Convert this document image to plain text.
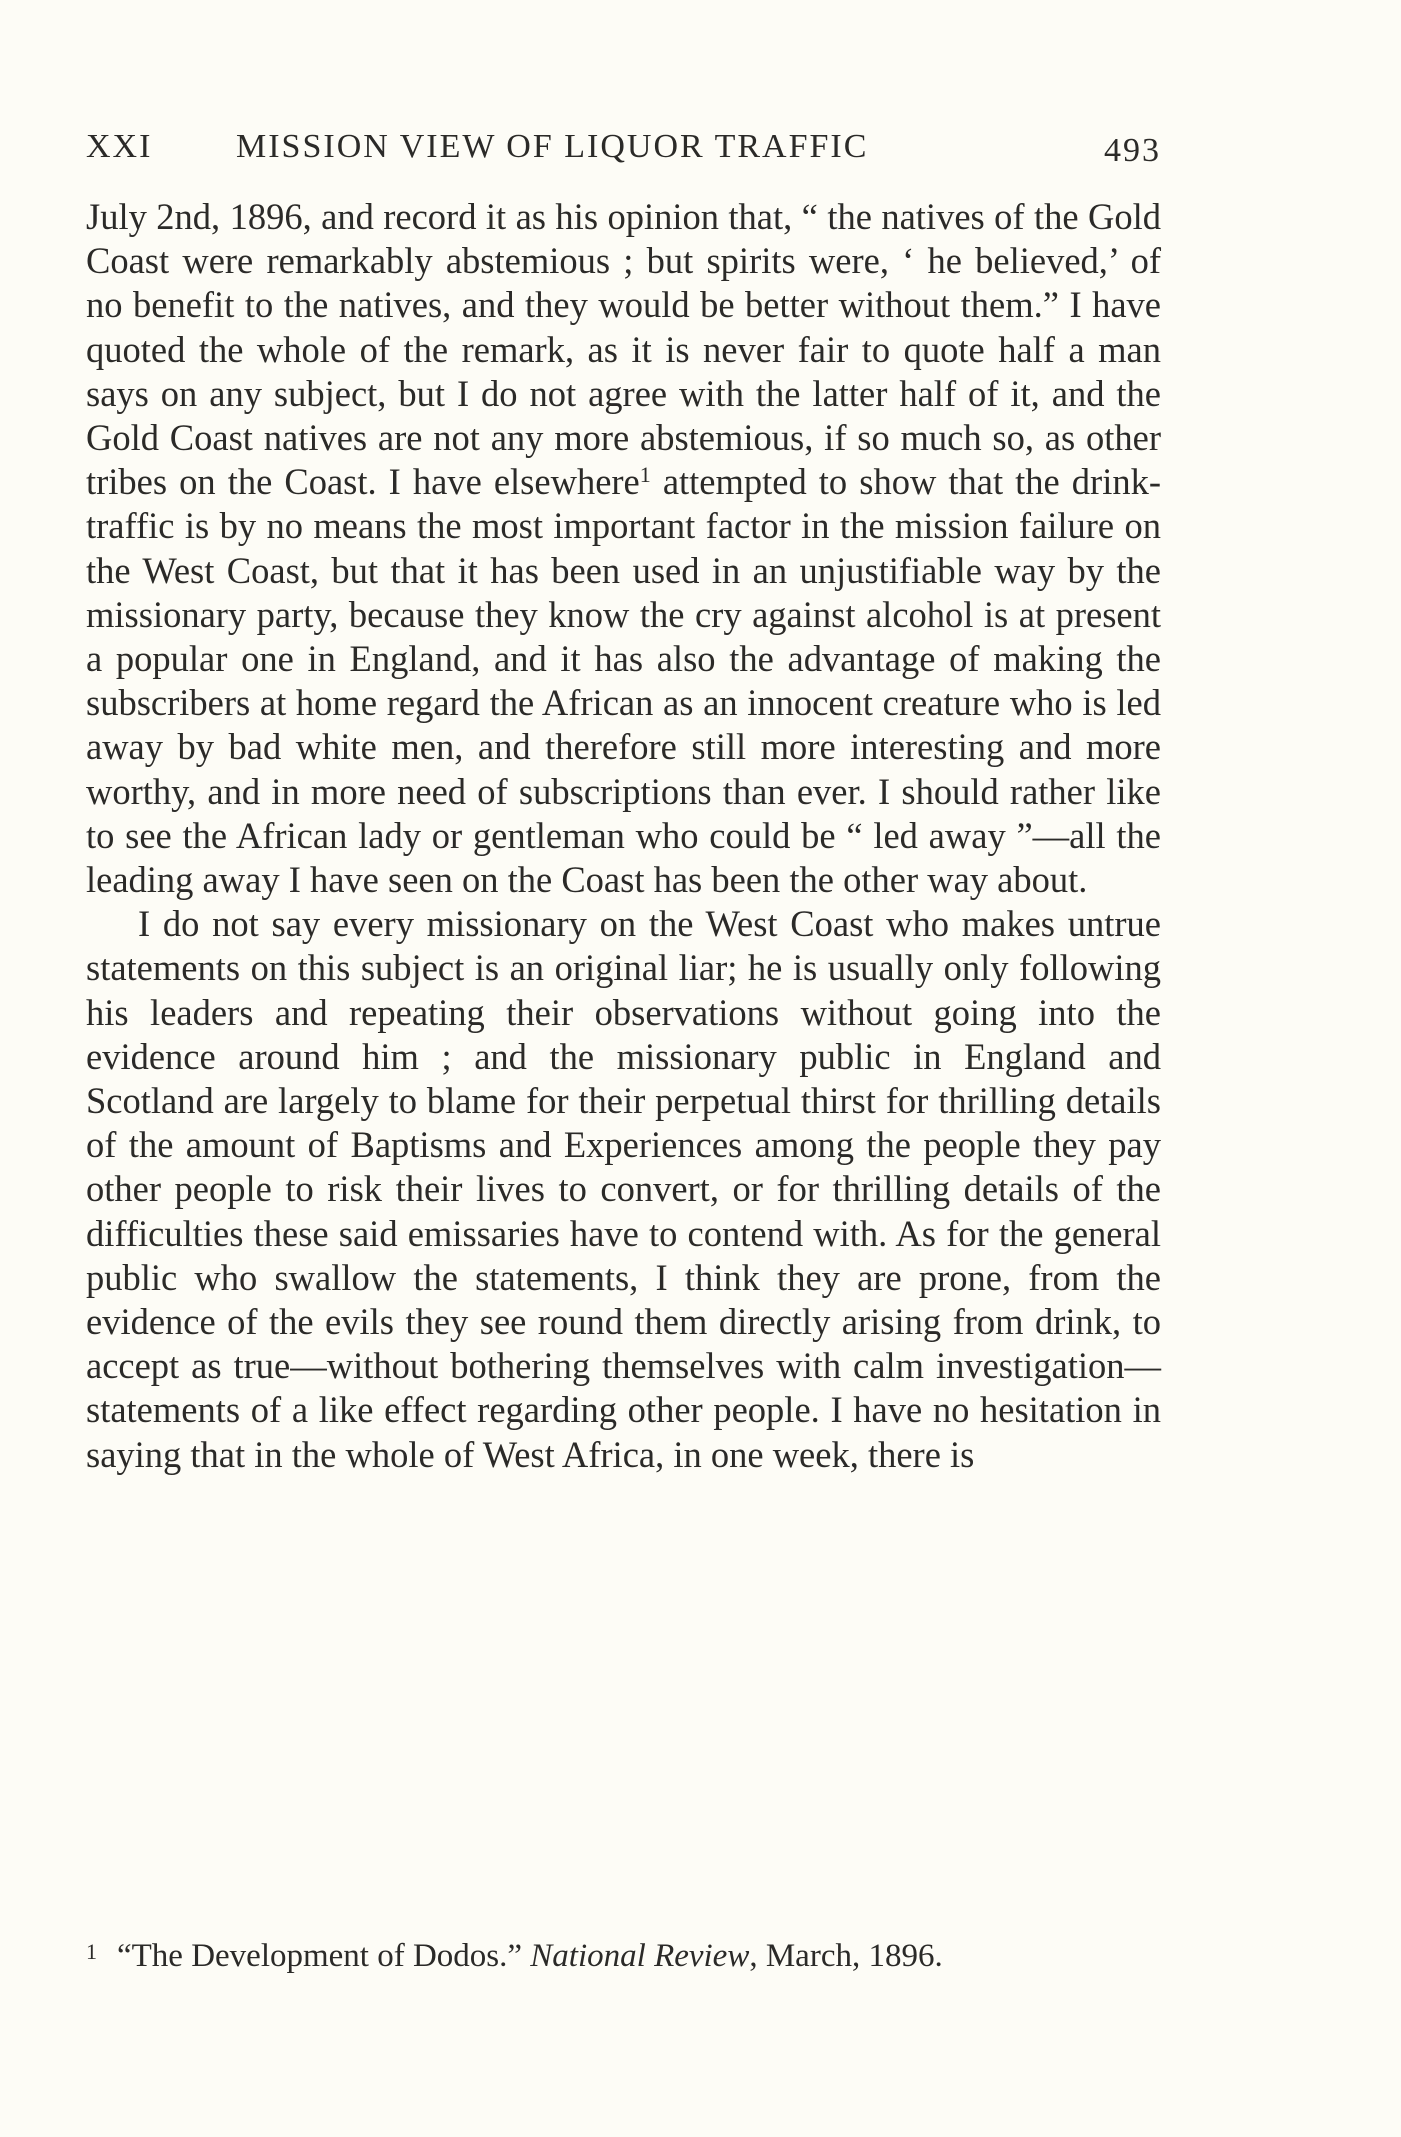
XXI MISSION VIEW OF LIQUOR TRAFFIC	493

July 2nd, 1896, and record it as his opinion that, “ the natives of the Gold Coast were remarkably abstemious ; but spirits were, ‘ he believed,’ of no benefit to the natives, and they would be better without them.” I have quoted the whole of the remark, as it is never fair to quote half a man says on any subject, but I do not agree with the latter half of it, and the Gold Coast natives are not any more abstemious, if so much so, as other tribes on the Coast. I have elsewhere$^1$ attempted to show that the drink-traffic is by no means the most important factor in the mission failure on the West Coast, but that it has been used in an unjustifiable way by the missionary party, because they know the cry against alcohol is at present a popular one in England, and it has also the advantage of making the subscribers at home regard the African as an innocent creature who is led away by bad white men, and therefore still more interesting and more worthy, and in more need of subscriptions than ever. I should rather like to see the African lady or gentleman who could be “ led away ”—all the leading away I have seen on the Coast has been the other way about.

I do not say every missionary on the West Coast who makes untrue statements on this subject is an original liar; he is usually only following his leaders and repeating their observations without going into the evidence around him ; and the missionary public in England and Scotland are largely to blame for their perpetual thirst for thrilling details of the amount of Baptisms and Experiences among the people they pay other people to risk their lives to convert, or for thrilling details of the difficulties these said emissaries have to contend with. As for the general public who swallow the statements, I think they are prone, from the evidence of the evils they see round them directly arising from drink, to accept as true—without bothering themselves with calm investigation—statements of a like effect regarding other people. I have no hesitation in saying that in the whole of West Africa, in one week, there is

$^1$ “The Development of Dodos.” National Review, March, 1896.
